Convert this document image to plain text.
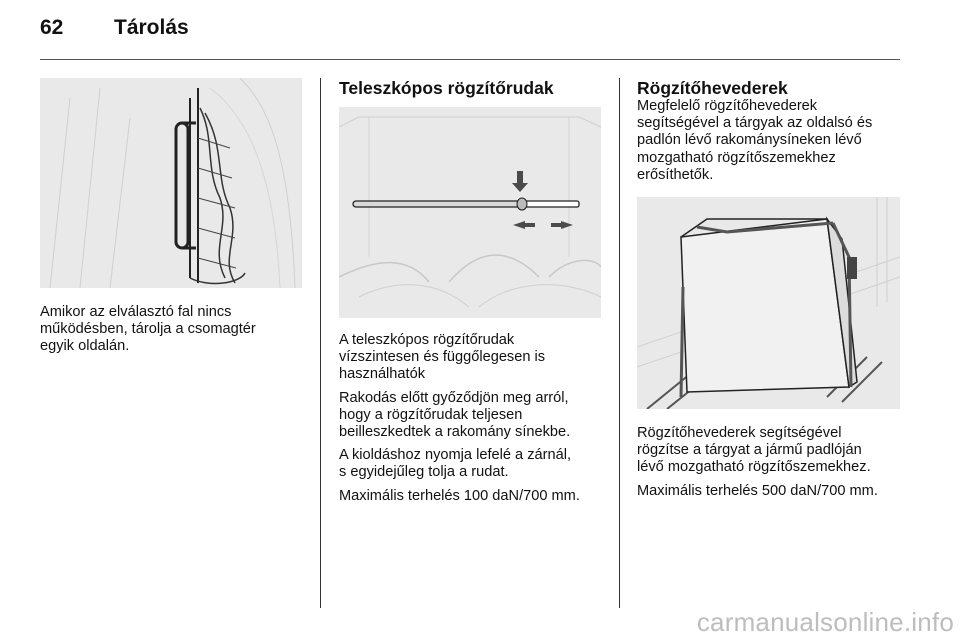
62 Tárolás
Amikor az elválasztó fal nincs
működésben, tárolja a csomagtér
egyik oldalán.
Teleszkópos rögzítőrudak

A teleszkópos rögzítőrudak
vízszintesen és függőlegesen is
használhatók

Rakodás előtt győződjön meg arról,
hogy a rögzítőrudak teljesen
beilleszkedtek a rakomány sínekbe.

A kioldáshoz nyomja lefelé a zárnál,
s egyidejűleg tolja a rudat.

Maximális terhelés 100 daN/700 mm.

Rögzítőhevederek
Megfelelő rögzítőhevederek
segítségével a tárgyak az oldalsó és
padlón lévő rakománysíneken lévő
mozgatható rögzítőszemekhez
erősíthetők.

Rögzítőhevederek segítségével
rögzítse a tárgyat a jármű padlóján
lévő mozgatható rögzítőszemekhez.

Maximális terhelés 500 daN/700 mm.

carmanualsonline.info
